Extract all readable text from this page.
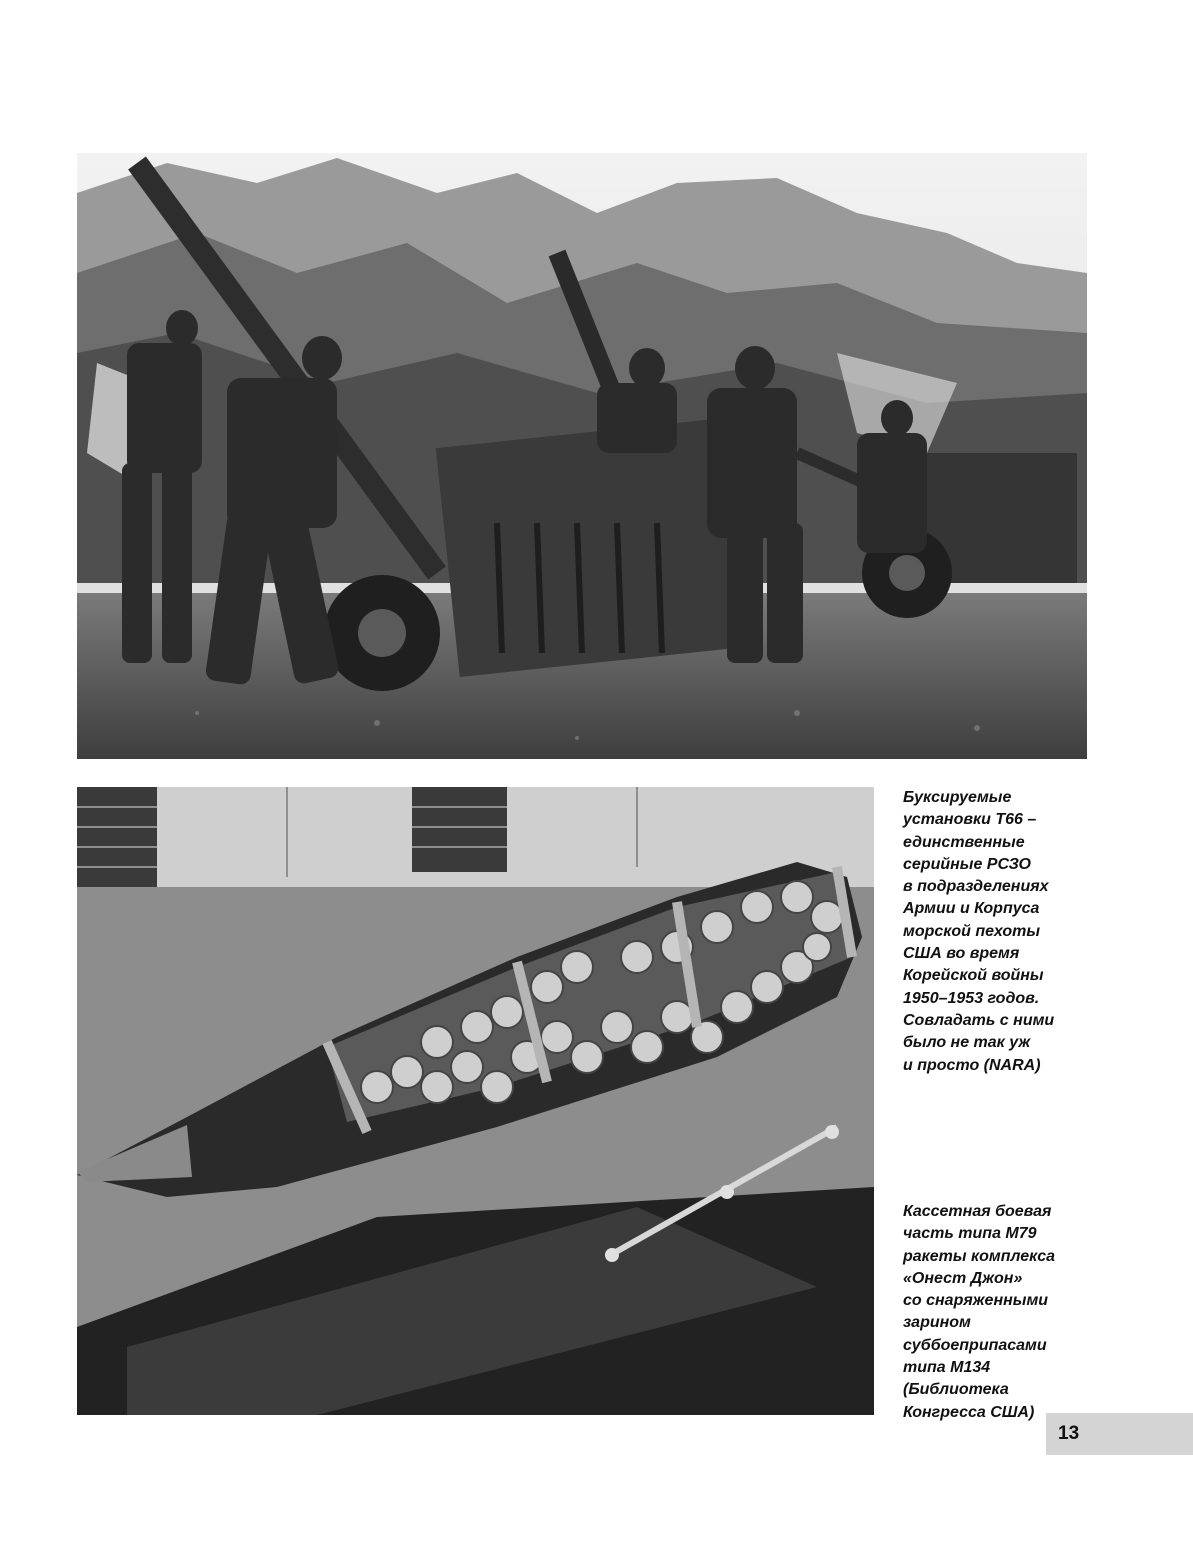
Буксируемые
установки Т66 –
единственные
серийные РСЗО
в подразделениях
Армии и Корпуса
морской пехоты
США во время
Корейской войны
1950–1953 годов.
Совладать с ними
было не так уж
и просто (NARA)
Кассетная боевая
часть типа M79
ракеты комплекса
«Онест Джон»
со снаряженными
зарином
суббоеприпасами
типа M134
(Библиотека
Конгресса США)
13
